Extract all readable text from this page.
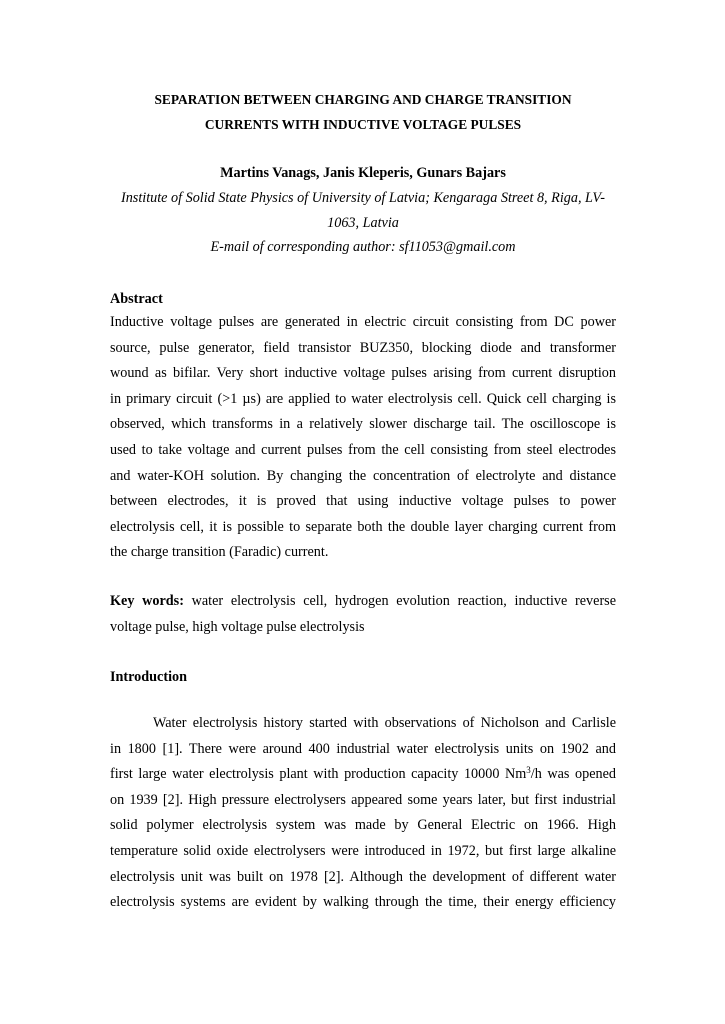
SEPARATION BETWEEN CHARGING AND CHARGE TRANSITION
CURRENTS WITH INDUCTIVE VOLTAGE PULSES
Martins Vanags, Janis Kleperis, Gunars Bajars
Institute of Solid State Physics of University of Latvia; Kengaraga Street 8, Riga, LV-
1063, Latvia
E-mail of corresponding author: sf11053@gmail.com
Abstract
Inductive voltage pulses are generated in electric circuit consisting from DC power
source, pulse generator, field transistor BUZ350, blocking diode and transformer
wound as bifilar. Very short inductive voltage pulses arising from current disruption
in primary circuit (>1 µs) are applied to water electrolysis cell. Quick cell charging is
observed, which transforms in a relatively slower discharge tail. The oscilloscope is
used to take voltage and current pulses from the cell consisting from steel electrodes
and water-KOH solution. By changing the concentration of electrolyte and distance
between electrodes, it is proved that using inductive voltage pulses to power
electrolysis cell, it is possible to separate both the double layer charging current from
the charge transition (Faradic) current.
Key words: water electrolysis cell, hydrogen evolution reaction, inductive reverse
voltage pulse, high voltage pulse electrolysis
Introduction
Water electrolysis history started with observations of Nicholson and Carlisle
in 1800 [1]. There were around 400 industrial water electrolysis units on 1902 and
first large water electrolysis plant with production capacity 10000 Nm$^3$/h was opened
on 1939 [2]. High pressure electrolysers appeared some years later, but first industrial
solid polymer electrolysis system was made by General Electric on 1966. High
temperature solid oxide electrolysers were introduced in 1972, but first large alkaline
electrolysis unit was built on 1978 [2]. Although the development of different water
electrolysis systems are evident by walking through the time, their energy efficiency
